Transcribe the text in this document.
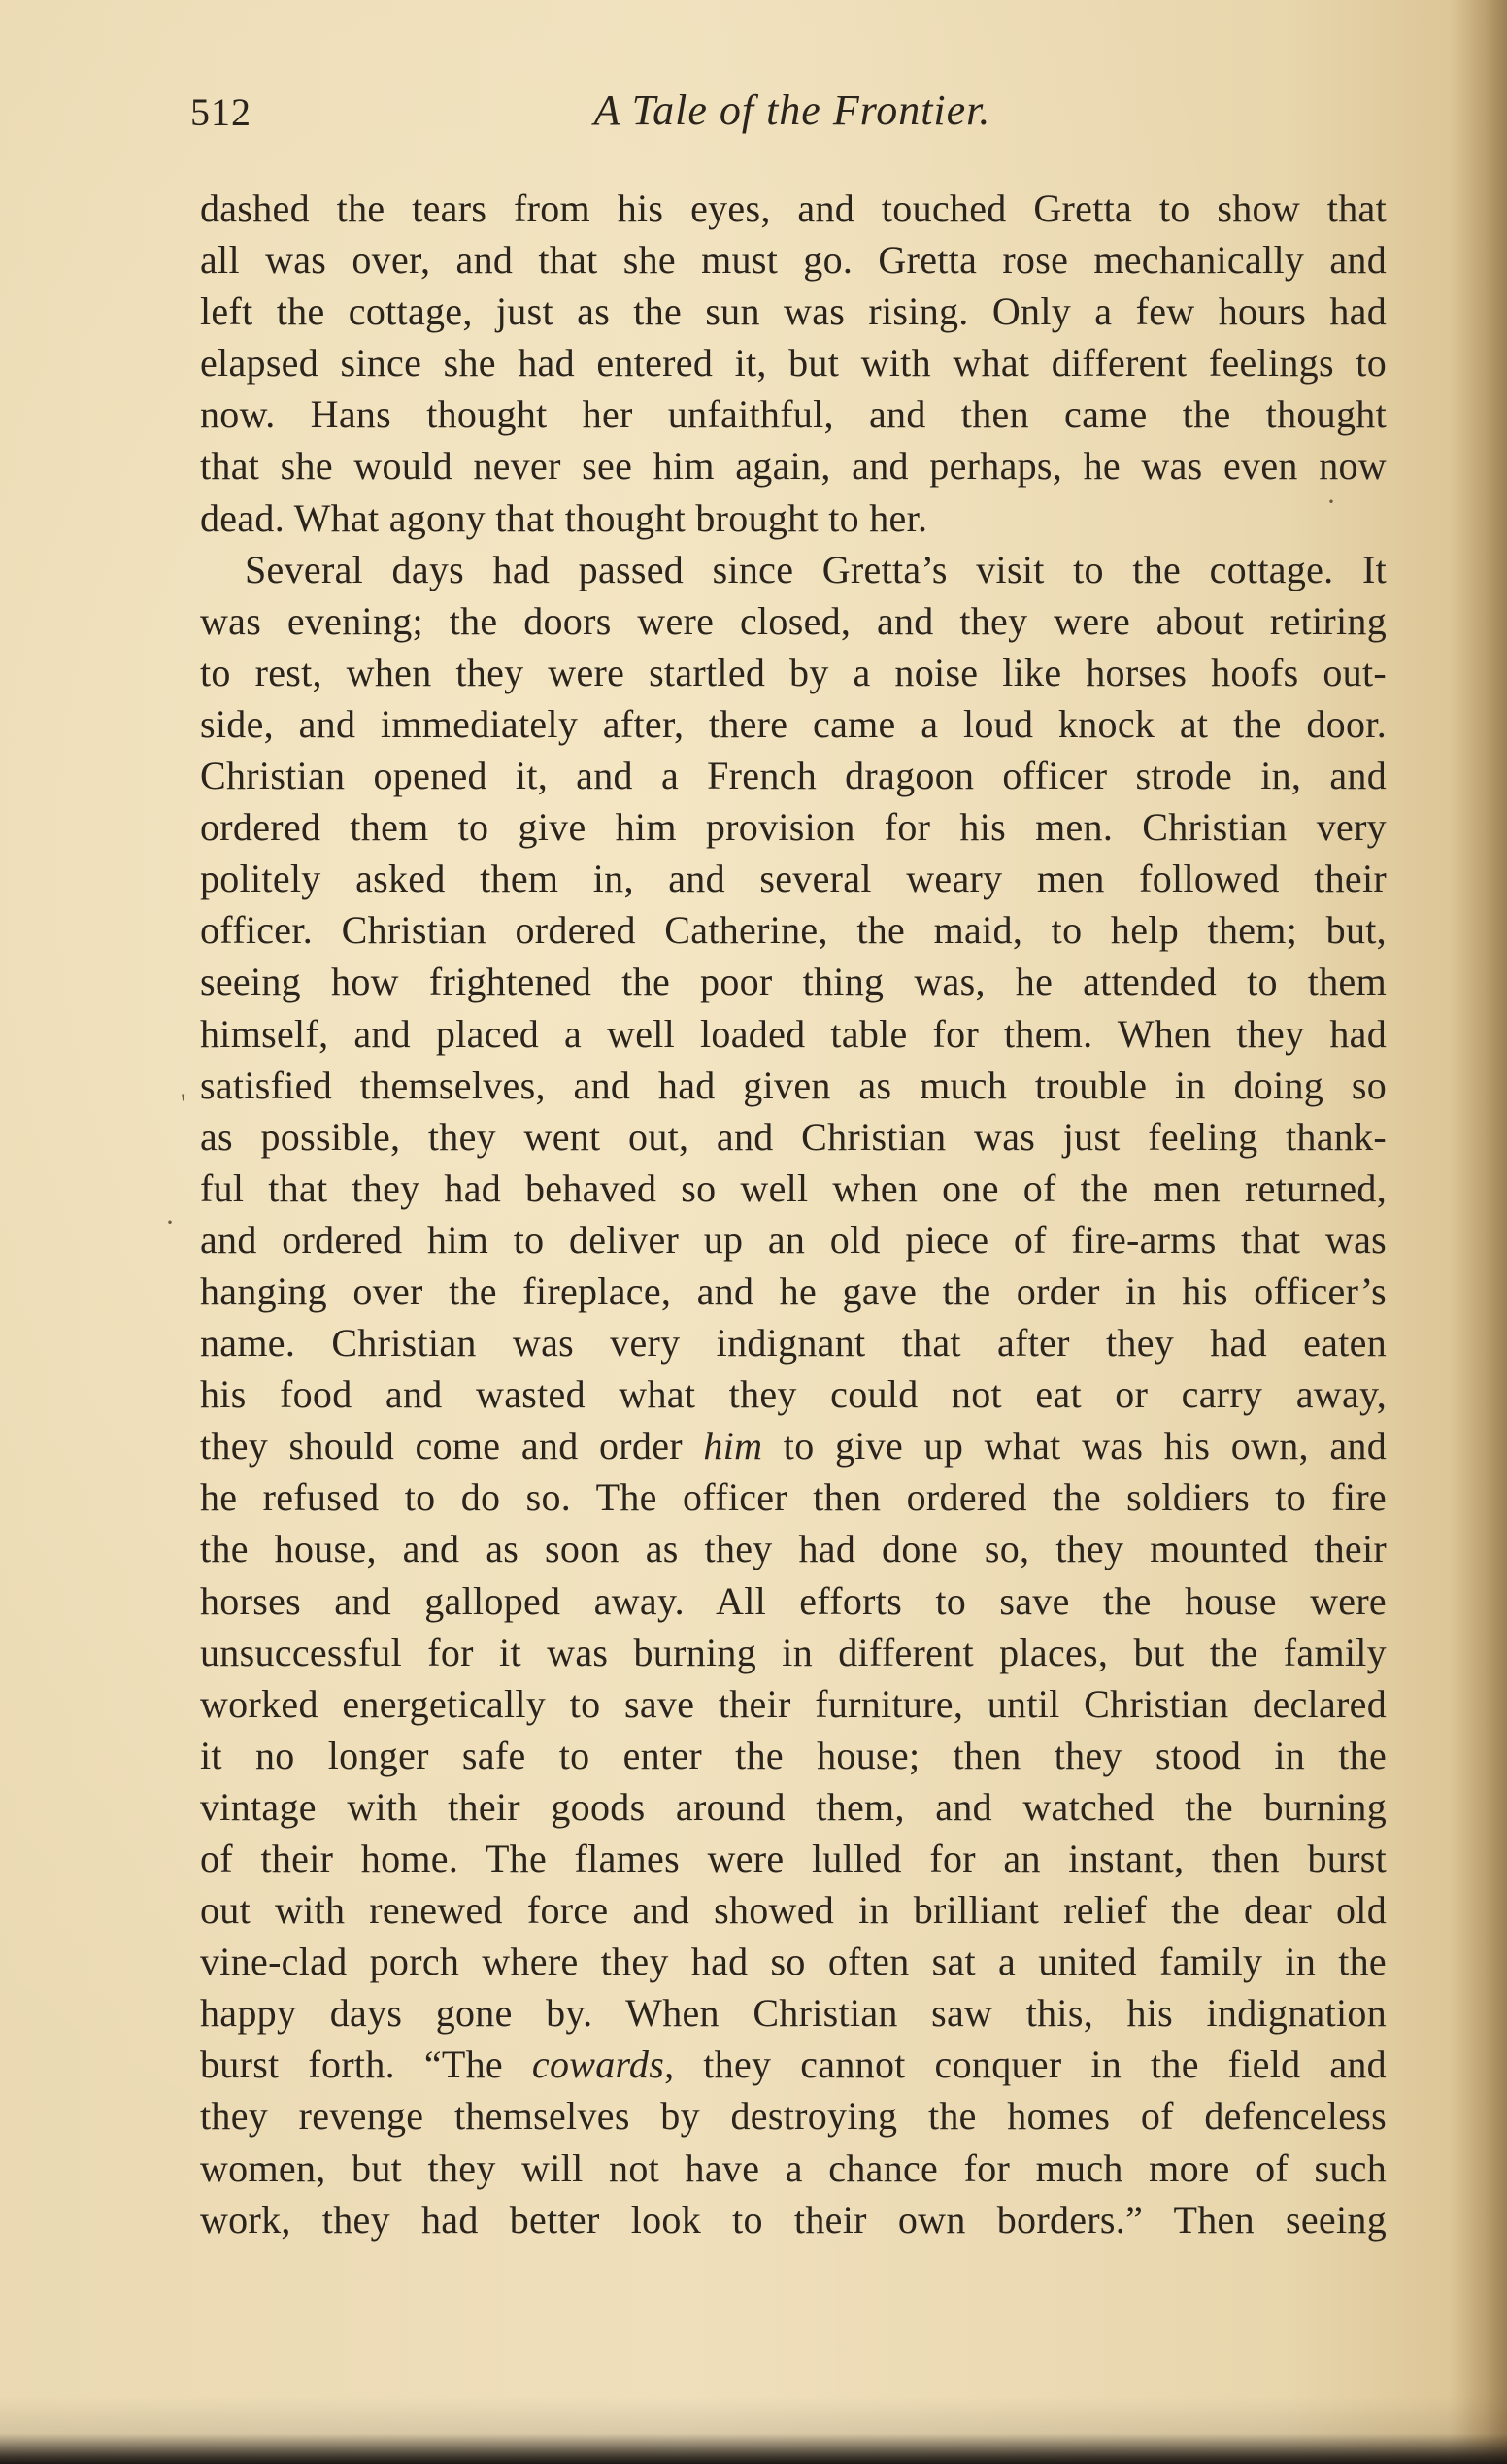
512	A Tale of the Frontier.
dashed the tears from his eyes, and touched Gretta to show that
all was over, and that she must go. Gretta rose mechanically and
left the cottage, just as the sun was rising. Only a few hours had
elapsed since she had entered it, but with what different feelings to
now. Hans thought her unfaithful, and then came the thought
that she would never see him again, and perhaps, he was even now
dead. What agony that thought brought to her.
Several days had passed since Gretta’s visit to the cottage. It
was evening; the doors were closed, and they were about retiring
to rest, when they were startled by a noise like horses hoofs out-
side, and immediately after, there came a loud knock at the door.
Christian opened it, and a French dragoon officer strode in, and
ordered them to give him provision for his men. Christian very
politely asked them in, and several weary men followed their
officer. Christian ordered Catherine, the maid, to help them; but,
seeing how frightened the poor thing was, he attended to them
himself, and placed a well loaded table for them. When they had
satisfied themselves, and had given as much trouble in doing so
as possible, they went out, and Christian was just feeling thank-
ful that they had behaved so well when one of the men returned,
and ordered him to deliver up an old piece of fire-arms that was
hanging over the fireplace, and he gave the order in his officer’s
name. Christian was very indignant that after they had eaten
his food and wasted what they could not eat or carry away,
they should come and order him to give up what was his own, and
he refused to do so. The officer then ordered the soldiers to fire
the house, and as soon as they had done so, they mounted their
horses and galloped away. All efforts to save the house were
unsuccessful for it was burning in different places, but the family
worked energetically to save their furniture, until Christian declared
it no longer safe to enter the house; then they stood in the
vintage with their goods around them, and watched the burning
of their home. The flames were lulled for an instant, then burst
out with renewed force and showed in brilliant relief the dear old
vine-clad porch where they had so often sat a united family in the
happy days gone by. When Christian saw this, his indignation
burst forth. “The cowards, they cannot conquer in the field and
they revenge themselves by destroying the homes of defenceless
women, but they will not have a chance for much more of such
work, they had better look to their own borders.” Then seeing
'
·
·
